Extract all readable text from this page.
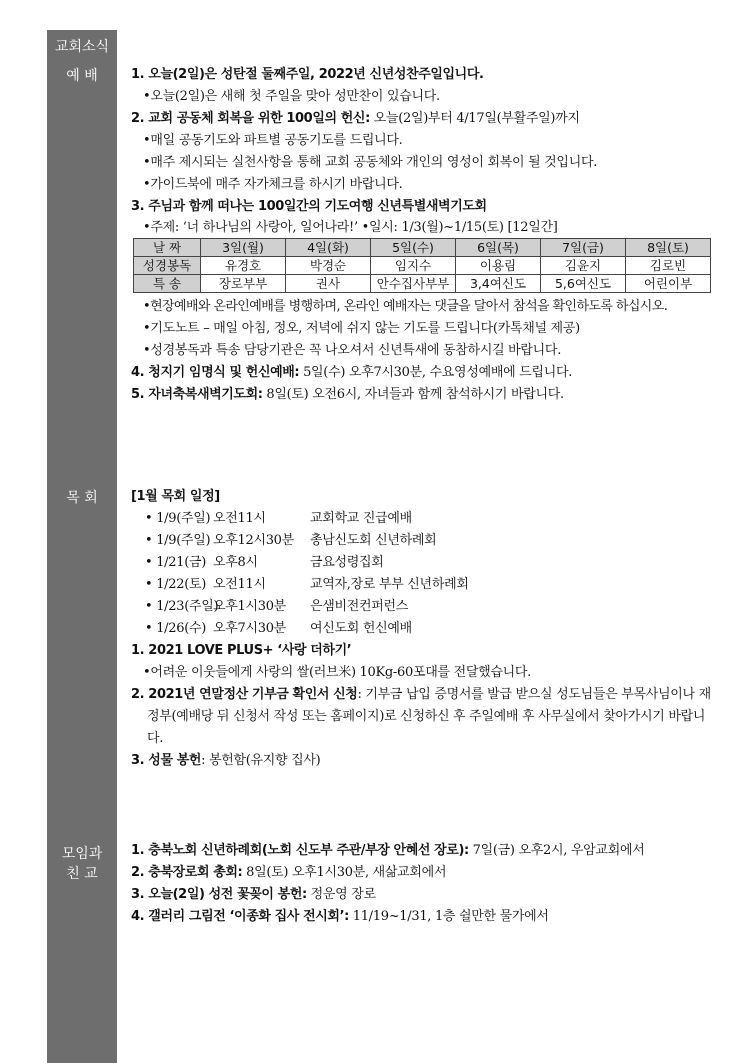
교회소식
예 배
목 회
모임과
친 교
1. 오늘(2일)은 성탄절 둘째주일, 2022년 신년성찬주일입니다.
•오늘(2일)은 새해 첫 주일을 맞아 성만찬이 있습니다.
2. 교회 공동체 회복을 위한 100일의 헌신: 오늘(2일)부터 4/17일(부활주일)까지
•매일 공동기도와 파트별 공동기도를 드립니다.
•매주 제시되는 실천사항을 통해 교회 공동체와 개인의 영성이 회복이 될 것입니다.
•가이드북에 매주 자가체크를 하시기 바랍니다.
3. 주님과 함께 떠나는 100일간의 기도여행 신년특별새벽기도회
•주제: ‘너 하나님의 사랑아, 일어나라!’ •일시: 1/3(월)~1/15(토) [12일간]
날 짜	3일(월)	4일(화)	5일(수)	6일(목)	7일(금)	8일(토)
성경봉독	유경호	박경순	임지수	이용림	김윤지	김로빈
특 송	장로부부	권사	안수집사부부	3,4여신도	5,6여신도	어린이부
•현장예배와 온라인예배를 병행하며, 온라인 예배자는 댓글을 달아서 참석을 확인하도록 하십시오.
•기도노트 – 매일 아침, 정오, 저녁에 쉬지 않는 기도를 드립니다(카톡채널 제공)
•성경봉독과 특송 담당기관은 꼭 나오셔서 신년특새에 동참하시길 바랍니다.
4. 청지기 임명식 및 헌신예배: 5일(수) 오후7시30분, 수요영성예배에 드립니다.
5. 자녀축복새벽기도회: 8일(토) 오전6시, 자녀들과 함께 참석하시기 바랍니다.
[1월 목회 일정]
• 1/9(주일) 오전11시	교회학교 진급예배
• 1/9(주일) 오후12시30분 총남신도회 신년하례회
• 1/21(금) 오후8시	금요성령집회
• 1/22(토) 오전11시	교역자,장로 부부 신년하례회
• 1/23(주일)오후1시30분 은샘비전컨퍼런스
• 1/26(수) 오후7시30분 여신도회 헌신예배
1. 2021 LOVE PLUS+ ‘사랑 더하기’
•어려운 이웃들에게 사랑의 쌀(러브米) 10Kg-60포대를 전달했습니다.
2. 2021년 연말정산 기부금 확인서 신청: 기부금 납입 증명서를 발급 받으실 성도님들은 부목사님이나 재정부(예배당 뒤 신청서 작성 또는 홈페이지)로 신청하신 후 주일예배 후 사무실에서 찾아가시기 바랍니다.
3. 성물 봉헌: 봉헌함(유지향 집사)
1. 충북노회 신년하례회(노회 신도부 주관/부장 안혜선 장로): 7일(금) 오후2시, 우암교회에서
2. 충북장로회 총회: 8일(토) 오후1시30분, 새삶교회에서
3. 오늘(2일) 성전 꽃꽂이 봉헌: 정운영 장로
4. 갤러리 그림전 ‘이종화 집사 전시회’: 11/19~1/31, 1층 쉴만한 물가에서
